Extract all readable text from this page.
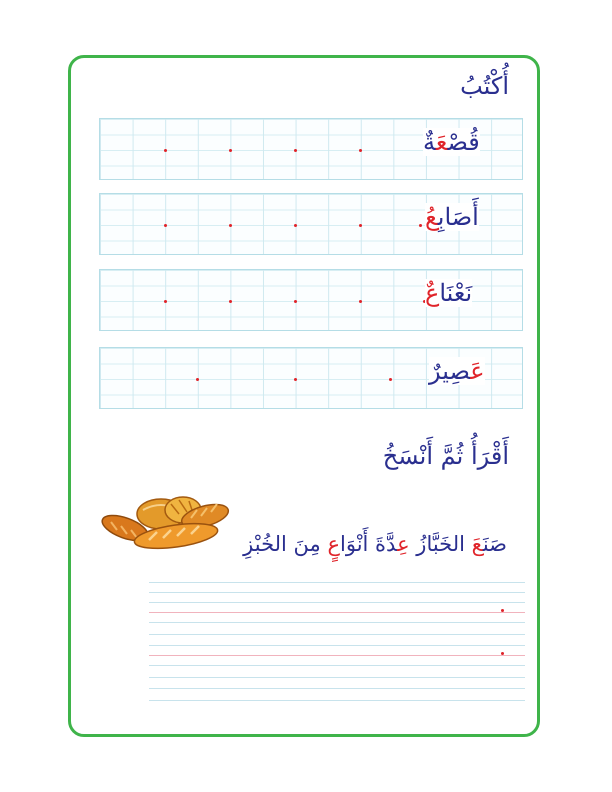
أُكْتُبُ
قُصْعَةٌ
أَصَابِعُ
نَعْنَاعٌ
عَصِيرٌ
أَقْرَأُ ثُمَّ أَنْسَخُ
صَنَعَ الخَبَّازُ عِدَّةَ أَنْوَاعٍ مِنَ الخُبْزِ
